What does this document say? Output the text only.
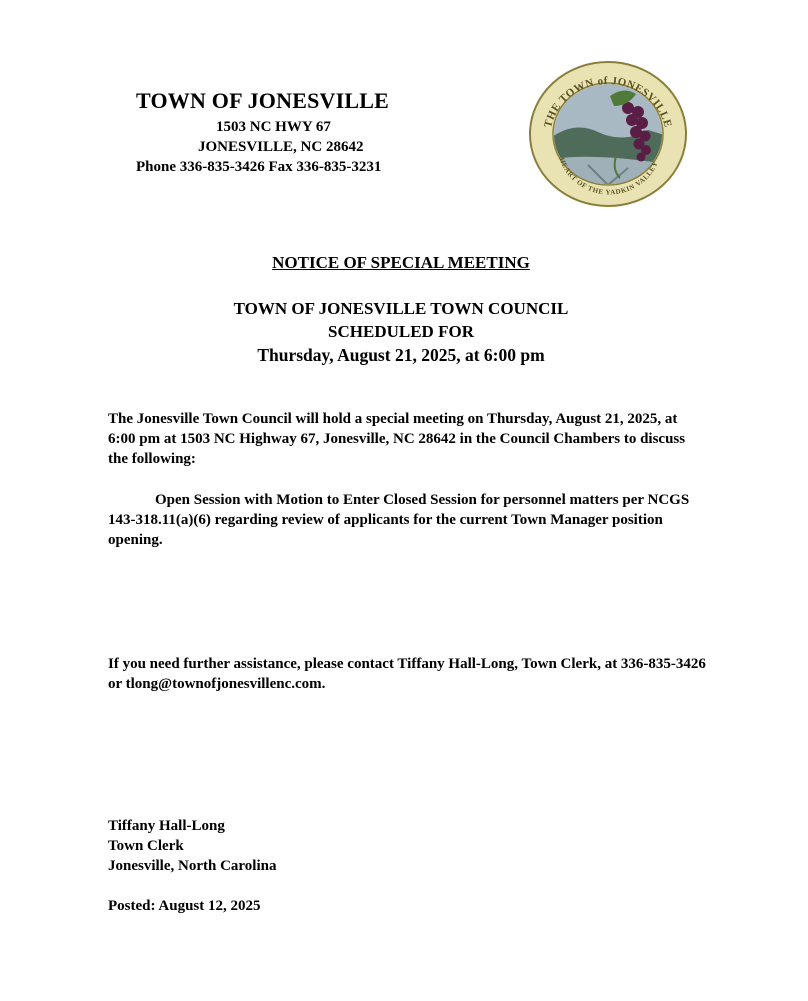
TOWN OF JONESVILLE
1503 NC HWY 67
JONESVILLE, NC 28642
Phone 336-835-3426 Fax 336-835-3231
THE TOWN of JONESVILLE
HEART OF THE YADKIN VALLEY
NOTICE OF SPECIAL MEETING
TOWN OF JONESVILLE TOWN COUNCIL
SCHEDULED FOR
Thursday, August 21, 2025, at 6:00 pm
The Jonesville Town Council will hold a special meeting on Thursday, August 21, 2025, at 6:00 pm at 1503 NC Highway 67, Jonesville, NC 28642 in the Council Chambers to discuss the following:
Open Session with Motion to Enter Closed Session for personnel matters per NCGS 143-318.11(a)(6) regarding review of applicants for the current Town Manager position opening.
If you need further assistance, please contact Tiffany Hall-Long, Town Clerk, at 336-835-3426 or tlong@townofjonesvillenc.com.
Tiffany Hall-Long
Town Clerk
Jonesville, North Carolina
Posted: August 12, 2025
